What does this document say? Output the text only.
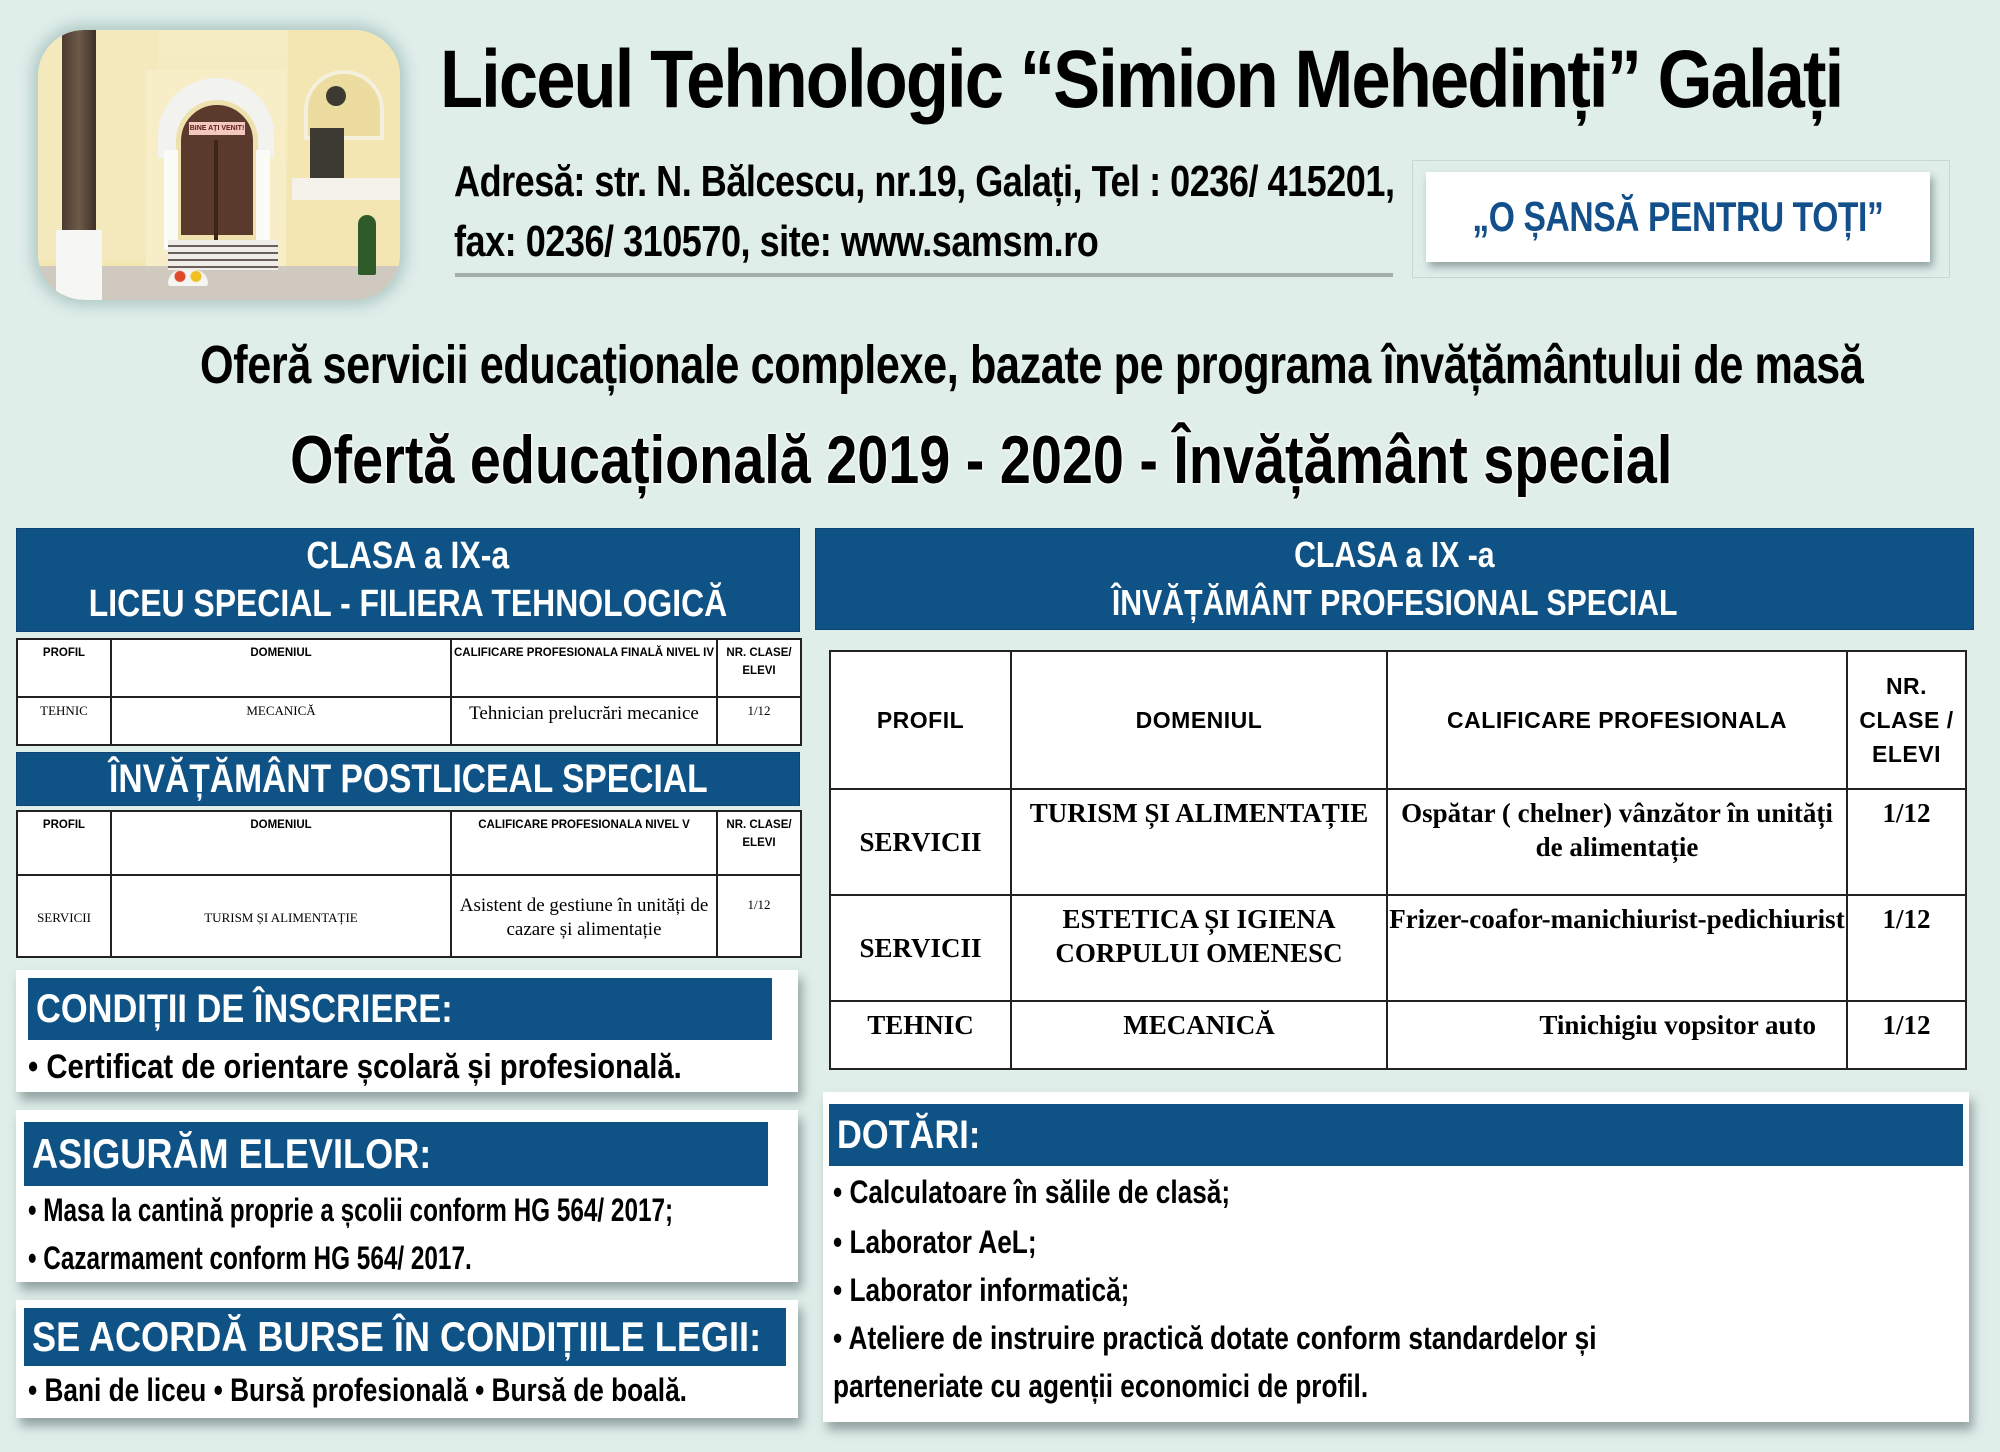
BINE AȚI VENIT!
Liceul Tehnologic “Simion Mehedinți” Galați
Adresă: str. N. Bălcescu, nr.19, Galați, Tel : 0236/ 415201,
fax: 0236/ 310570, site: www.samsm.ro
„O ȘANSĂ PENTRU TOȚI”
Oferă servicii educaționale complexe, bazate pe programa învățământului de masă
Ofertă educațională 2019 - 2020 - Învățământ special
CLASA a IX-a
LICEU SPECIAL - FILIERA TEHNOLOGICĂ
PROFIL	DOMENIUL	CALIFICARE PROFESIONALA FINALĂ NIVEL IV	NR. CLASE/ ELEVI
TEHNIC	MECANICĂ	Tehnician prelucrări mecanice	1/12
ÎNVĂȚĂMÂNT POSTLICEAL SPECIAL
PROFIL	DOMENIUL	CALIFICARE PROFESIONALA NIVEL V	NR. CLASE/ ELEVI
SERVICII	TURISM ȘI ALIMENTAȚIE	Asistent de gestiune în unități de cazare și alimentație	1/12
CONDIȚII DE ÎNSCRIERE:
• Certificat de orientare școlară și profesională.
ASIGURĂM ELEVILOR:
• Masa la cantină proprie a școlii conform HG 564/ 2017;
• Cazarmament conform HG 564/ 2017.
SE ACORDĂ BURSE ÎN CONDIȚIILE LEGII:
• Bani de liceu • Bursă profesională • Bursă de boală.
CLASA a IX -a
ÎNVĂȚĂMÂNT PROFESIONAL SPECIAL
PROFIL	DOMENIUL	CALIFICARE PROFESIONALA	NR. CLASE / ELEVI
SERVICII	TURISM ȘI ALIMENTAȚIE	Ospătar ( chelner) vânzător în unități de alimentație	1/12
SERVICII	ESTETICA ȘI IGIENA CORPULUI OMENESC	Frizer-coafor-manichiurist-pedichiurist	1/12
TEHNIC	MECANICĂ	Tinichigiu vopsitor auto	1/12
DOTĂRI:
• Calculatoare în sălile de clasă;
• Laborator AeL;
• Laborator informatică;
• Ateliere de instruire practică dotate conform standardelor și
parteneriate cu agenții economici de profil.
